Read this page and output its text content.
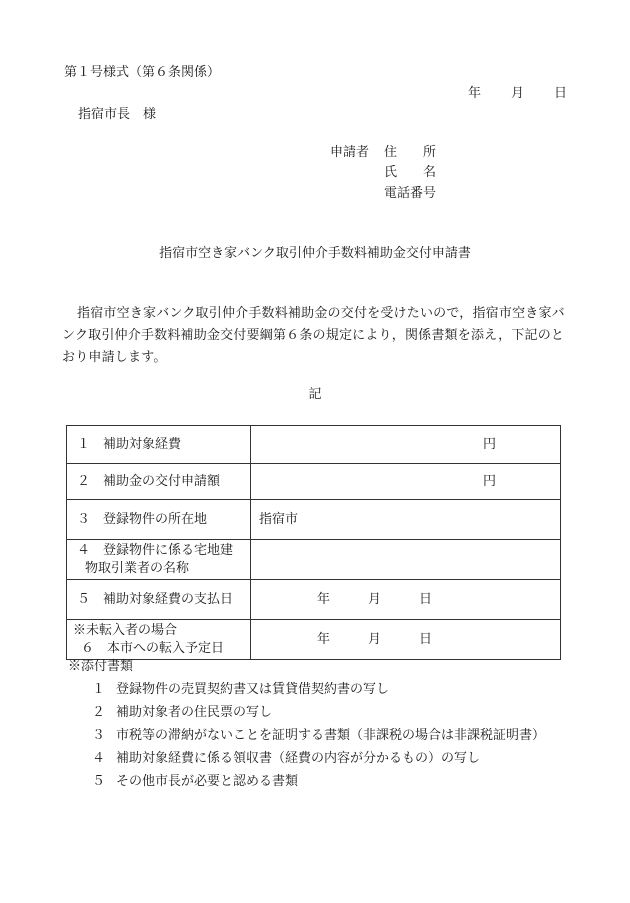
第１号様式（第６条関係）
年 月 日
指宿市長　様
申請者 住　　所
氏　　名
電話番号
指宿市空き家バンク取引仲介手数料補助金交付申請書
指宿市空き家バンク取引仲介手数料補助金の交付を受けたいので，指宿市空き家バンク取引仲介手数料補助金交付要綱第６条の規定により，関係書類を添え，下記のとおり申請します。
記
１　補助対象経費	円
２　補助金の交付申請額	円
３　登録物件の所在地	指宿市
４　登録物件に係る宅地建
物取引業者の名称	

５　補助対象経費の支払日	年 月 日
※未転入者の場合
６　本市への転入予定日	年 月 日
※添付書類
１ 登録物件の売買契約書又は賃貸借契約書の写し
２ 補助対象者の住民票の写し
３ 市税等の滞納がないことを証明する書類（非課税の場合は非課税証明書）
４ 補助対象経費に係る領収書（経費の内容が分かるもの）の写し
５ その他市長が必要と認める書類
